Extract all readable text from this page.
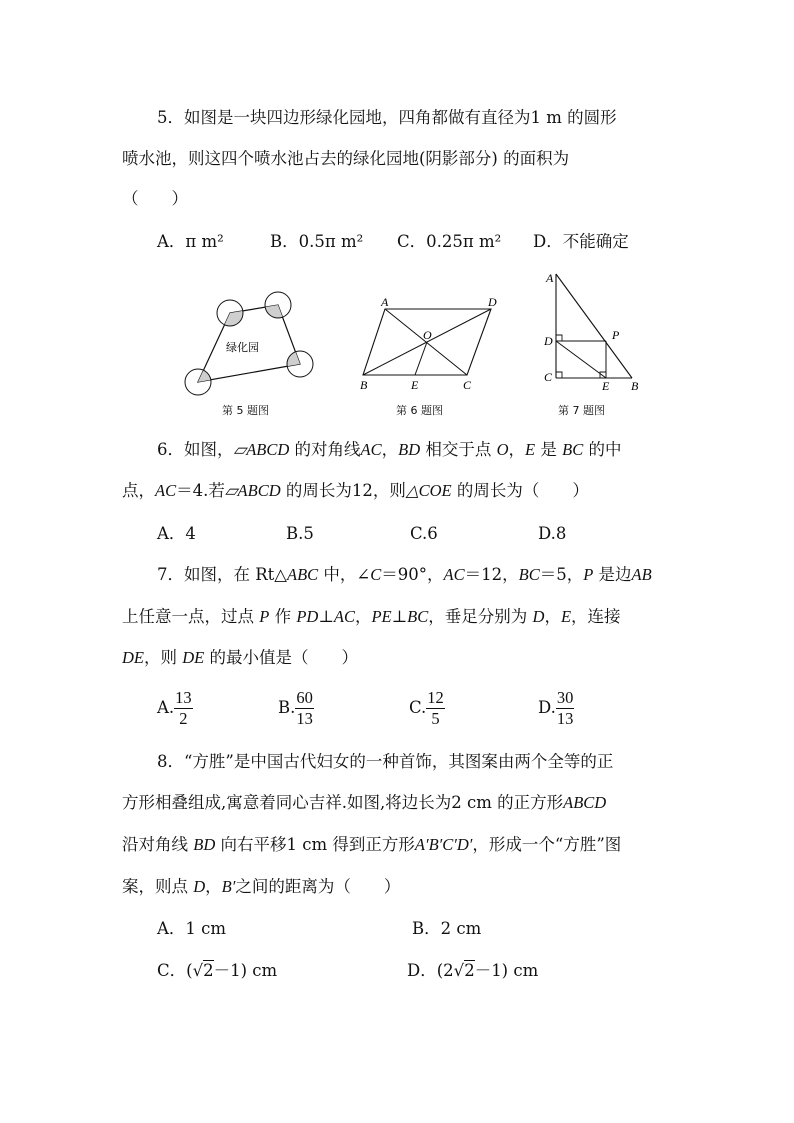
5．如图是一块四边形绿化园地，四角都做有直径为1 m 的圆形
喷水池，则这四个喷水池占去的绿化园地(阴影部分) 的面积为
（　　）
A．π m²	B．0.5π m² C．0.25π m² D．不能确定
绿化园
第 5 题图
A	D
O
B	E	C
第 6 题图
A
D	P
C
E B
第 7 题图
6．如图，▱ABCD 的对角线AC，BD 相交于点 O，E 是 BC 的中
点，AC＝4.若▱ABCD 的周长为12，则△COE 的周长为（　　）
A．4	B.5	C.6	D.8
7．如图，在 Rt△ABC 中，∠C＝90°，AC＝12，BC＝5，P 是边AB
上任意一点，过点 P 作 PD⊥AC，PE⊥BC，垂足分别为 D，E，连接
DE，则 DE 的最小值是（　　）
A. $\frac{13}{2}$	B. $\frac{60}{13}$	C. $\frac{12}{5}$	D. $\frac{30}{13}$
8．“方胜”是中国古代妇女的一种首饰，其图案由两个全等的正
方形相叠组成,寓意着同心吉祥.如图,将边长为2 cm 的正方形ABCD
沿对角线 BD 向右平移1 cm 得到正方形A′B′C′D′，形成一个“方胜”图
案，则点 D，B′之间的距离为（　　）
A．1 cm	B．2 cm
C．(√2－1) cm	D．(2√2－1) cm
